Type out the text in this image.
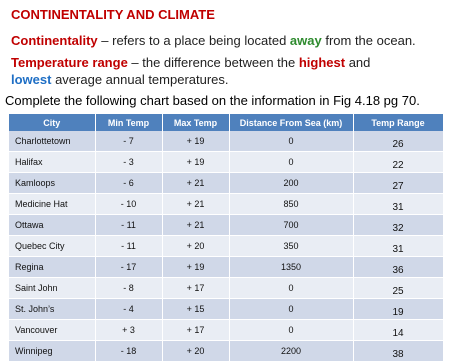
CONTINENTALITY AND CLIMATE
Continentality – refers to a place being located away from the ocean.
Temperature range – the difference between the highest and
lowest average annual temperatures.
Complete the following chart based on the information in Fig 4.18 pg 70.
City	Min Temp	Max Temp	Distance From Sea (km)	Temp Range
Charlottetown	- 7	+ 19	0	26
Halifax	- 3	+ 19	0	22
Kamloops	- 6	+ 21	200	27
Medicine Hat	- 10	+ 21	850	31
Ottawa	- 11	+ 21	700	32
Quebec City	- 11	+ 20	350	31
Regina	- 17	+ 19	1350	36
Saint John	- 8	+ 17	0	25
St. John’s	- 4	+ 15	0	19
Vancouver	+ 3	+ 17	0	14
Winnipeg	- 18	+ 20	2200	38
